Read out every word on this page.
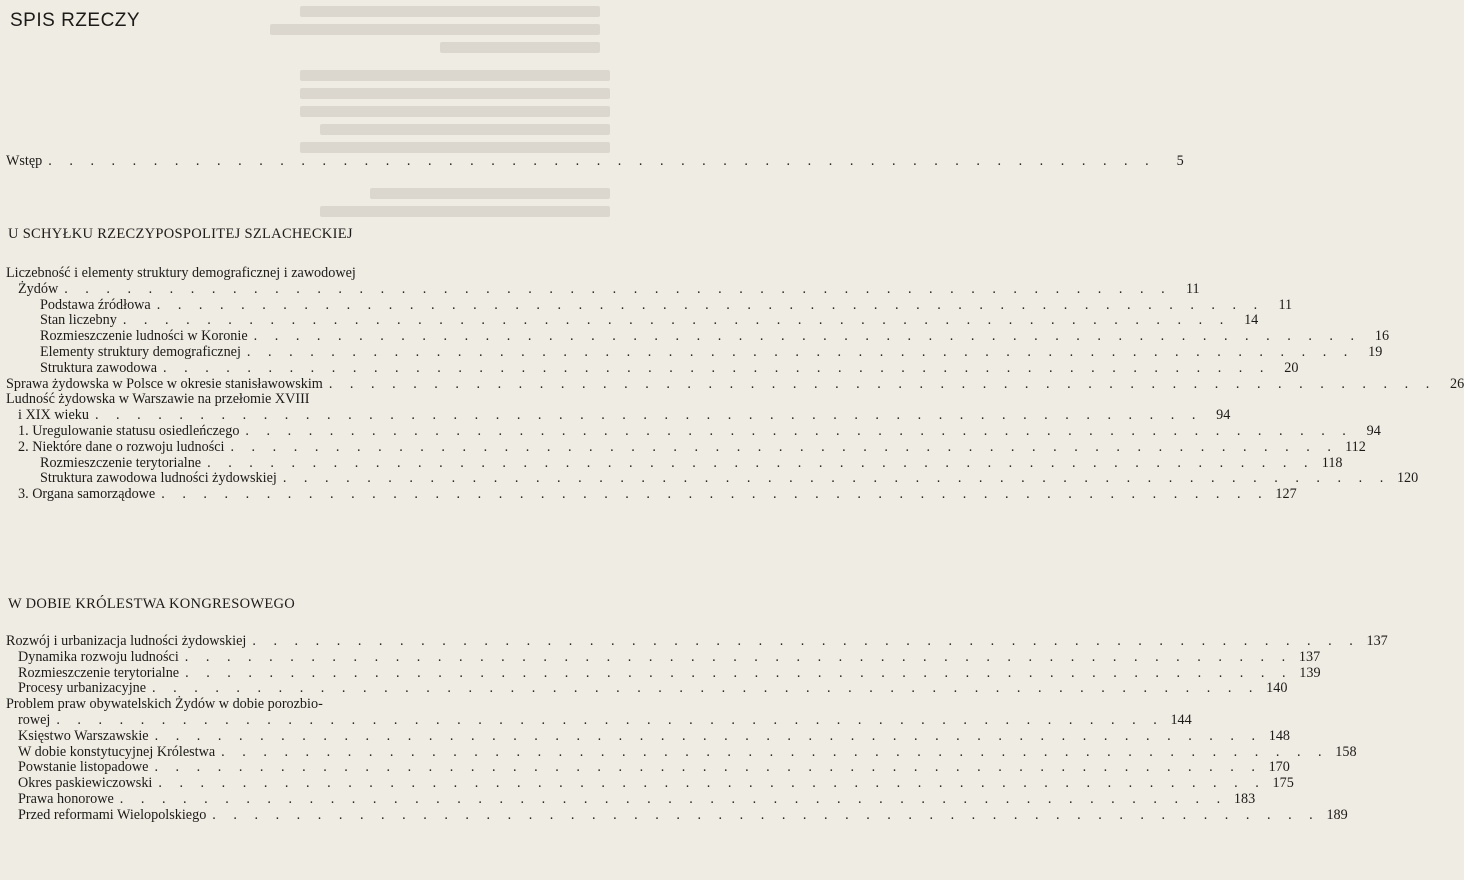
SPIS RZECZY
Wstęp . . .	5
U SCHYŁKU RZECZYPOSPOLITEJ SZLACHECKIEJ
Liczebność i elementy struktury demograficznej i zawodowej
Żydów . . .	11
Podstawa źródłowa . . .	11
Stan liczebny . . .	14
Rozmieszczenie ludności w Koronie . . .	16
Elementy struktury demograficznej . . .	19
Struktura zawodowa . . .	20
Sprawa żydowska w Polsce w okresie stanisławowskim . . .	26
Ludność żydowska w Warszawie na przełomie XVIII
i XIX wieku . . .	94
1. Uregulowanie statusu osiedleńczego . . .	94
2. Niektóre dane o rozwoju ludności . . .	112
Rozmieszczenie terytorialne . . .	118
Struktura zawodowa ludności żydowskiej . . .	120
3. Organa samorządowe . . .	127
W DOBIE KRÓLESTWA KONGRESOWEGO
Rozwój i urbanizacja ludności żydowskiej . . .	137
Dynamika rozwoju ludności . . .	137
Rozmieszczenie terytorialne . . .	139
Procesy urbanizacyjne . . .	140
Problem praw obywatelskich Żydów w dobie porozbio-
rowej . . .	144
Księstwo Warszawskie . . .	148
W dobie konstytucyjnej Królestwa . . .	158
Powstanie listopadowe . . .	170
Okres paskiewiczowski . . .	175
Prawa honorowe . . .	183
Przed reformami Wielopolskiego . . .	189
